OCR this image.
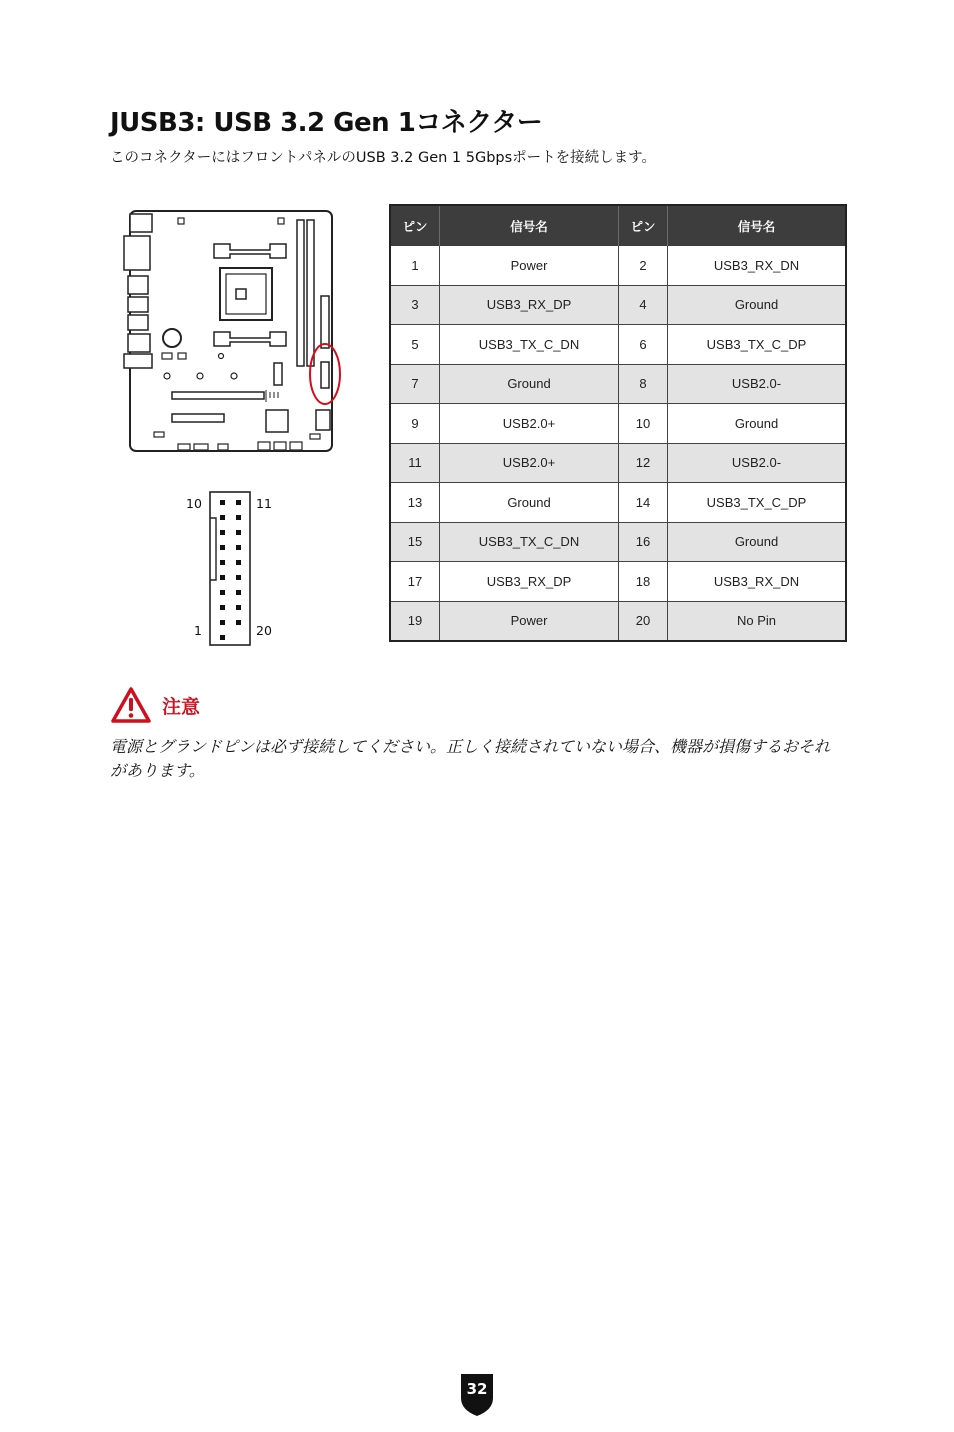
JUSB3: USB 3.2 Gen 1コネクター
このコネクターにはフロントパネルのUSB 3.2 Gen 1 5Gbpsポートを接続します。
10	11
1	20
ピン	信号名	ピン	信号名
1	Power	2	USB3_RX_DN
3	USB3_RX_DP	4	Ground
5	USB3_TX_C_DN	6	USB3_TX_C_DP
7	Ground	8	USB2.0-
9	USB2.0+	10	Ground
11	USB2.0+	12	USB2.0-
13	Ground	14	USB3_TX_C_DP
15	USB3_TX_C_DN	16	Ground
17	USB3_RX_DP	18	USB3_RX_DN
19	Power	20	No Pin
注意
電源とグランドピンは必ず接続してください。正しく接続されていない場合、機器が損傷するおそれがあります。
32
